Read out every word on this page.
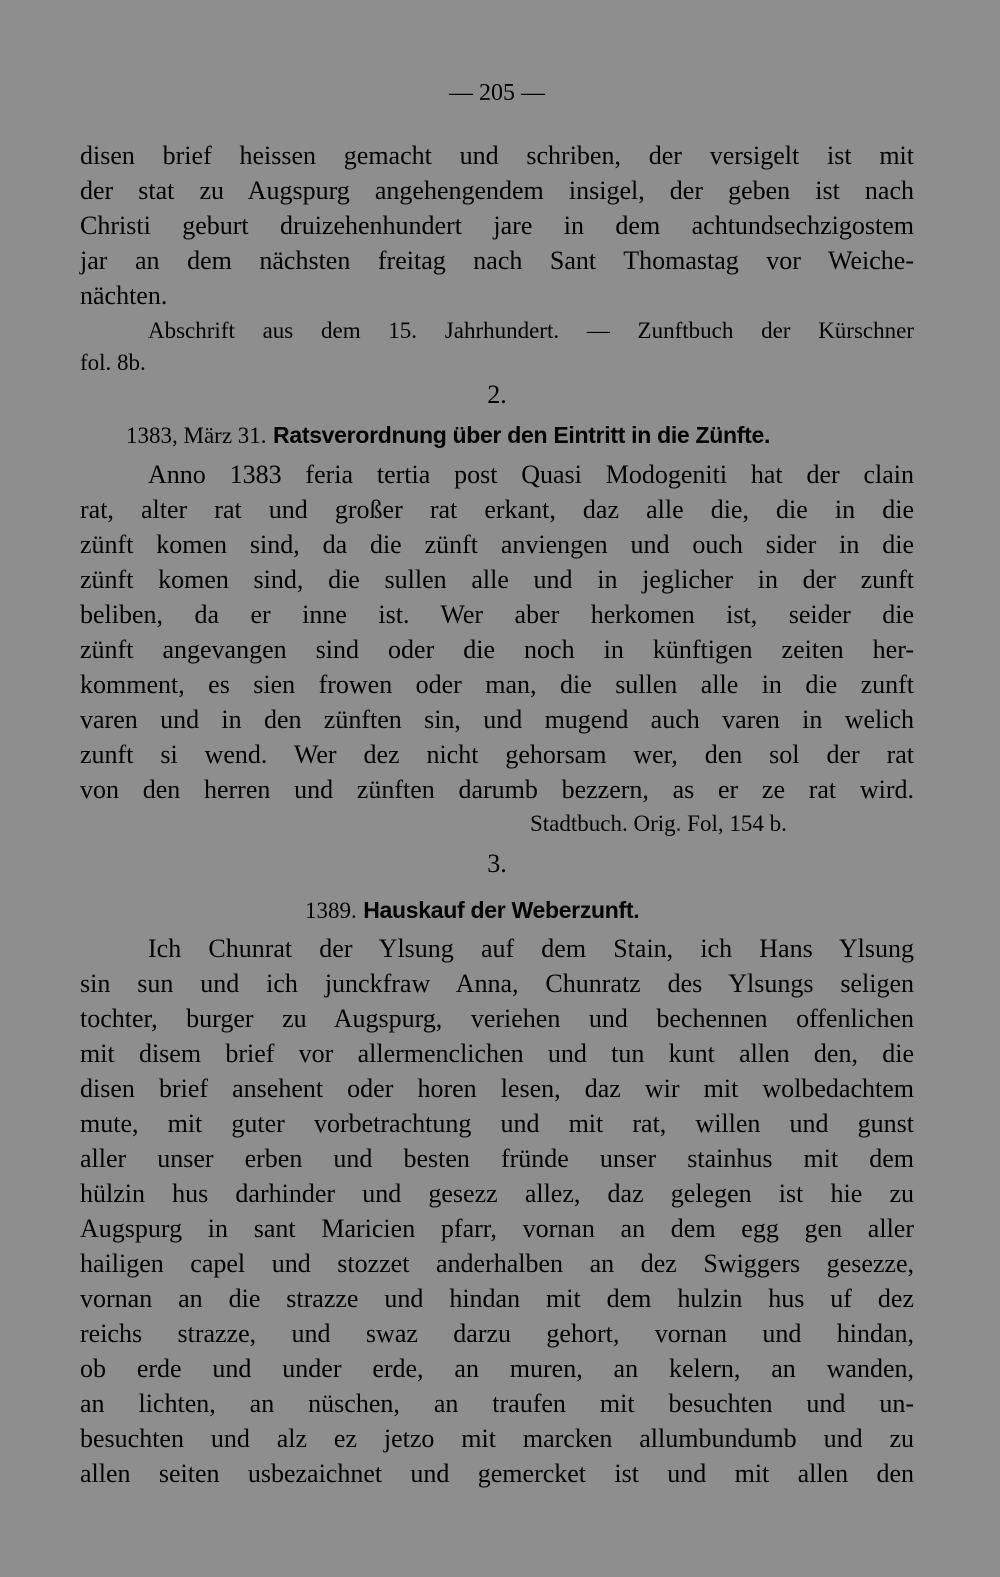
— 205 —
disen brief heissen gemacht und schriben, der versigelt ist mit
der stat zu Augspurg angehengendem insigel, der geben ist nach
Christi geburt druizehenhundert jare in dem achtundsechzigostem
jar an dem nächsten freitag nach Sant Thomastag vor Weiche-
nächten.
Abschrift aus dem 15. Jahrhundert. — Zunftbuch der Kürschner
fol. 8b.
2.
1383, März 31. Ratsverordnung über den Eintritt in die Zünfte.
Anno 1383 feria tertia post Quasi Modogeniti hat der clain
rat, alter rat und großer rat erkant, daz alle die, die in die
zünft komen sind, da die zünft anviengen und ouch sider in die
zünft komen sind, die sullen alle und in jeglicher in der zunft
beliben, da er inne ist. Wer aber herkomen ist, seider die
zünft angevangen sind oder die noch in künftigen zeiten her-
komment, es sien frowen oder man, die sullen alle in die zunft
varen und in den zünften sin, und mugend auch varen in welich
zunft si wend. Wer dez nicht gehorsam wer, den sol der rat
von den herren und zünften darumb bezzern, as er ze rat wird.
Stadtbuch. Orig. Fol, 154 b.
3.
1389. Hauskauf der Weberzunft.
Ich Chunrat der Ylsung auf dem Stain, ich Hans Ylsung
sin sun und ich junckfraw Anna, Chunratz des Ylsungs seligen
tochter, burger zu Augspurg, veriehen und bechennen offenlichen
mit disem brief vor allermenclichen und tun kunt allen den, die
disen brief ansehent oder horen lesen, daz wir mit wolbedachtem
mute, mit guter vorbetrachtung und mit rat, willen und gunst
aller unser erben und besten fründe unser stainhus mit dem
hülzin hus darhinder und gesezz allez, daz gelegen ist hie zu
Augspurg in sant Maricien pfarr, vornan an dem egg gen aller
hailigen capel und stozzet anderhalben an dez Swiggers gesezze,
vornan an die strazze und hindan mit dem hulzin hus uf dez
reichs strazze, und swaz darzu gehort, vornan und hindan,
ob erde und under erde, an muren, an kelern, an wanden,
an lichten, an nüschen, an traufen mit besuchten und un-
besuchten und alz ez jetzo mit marcken allumbundumb und zu
allen seiten usbezaichnet und gemercket ist und mit allen den
